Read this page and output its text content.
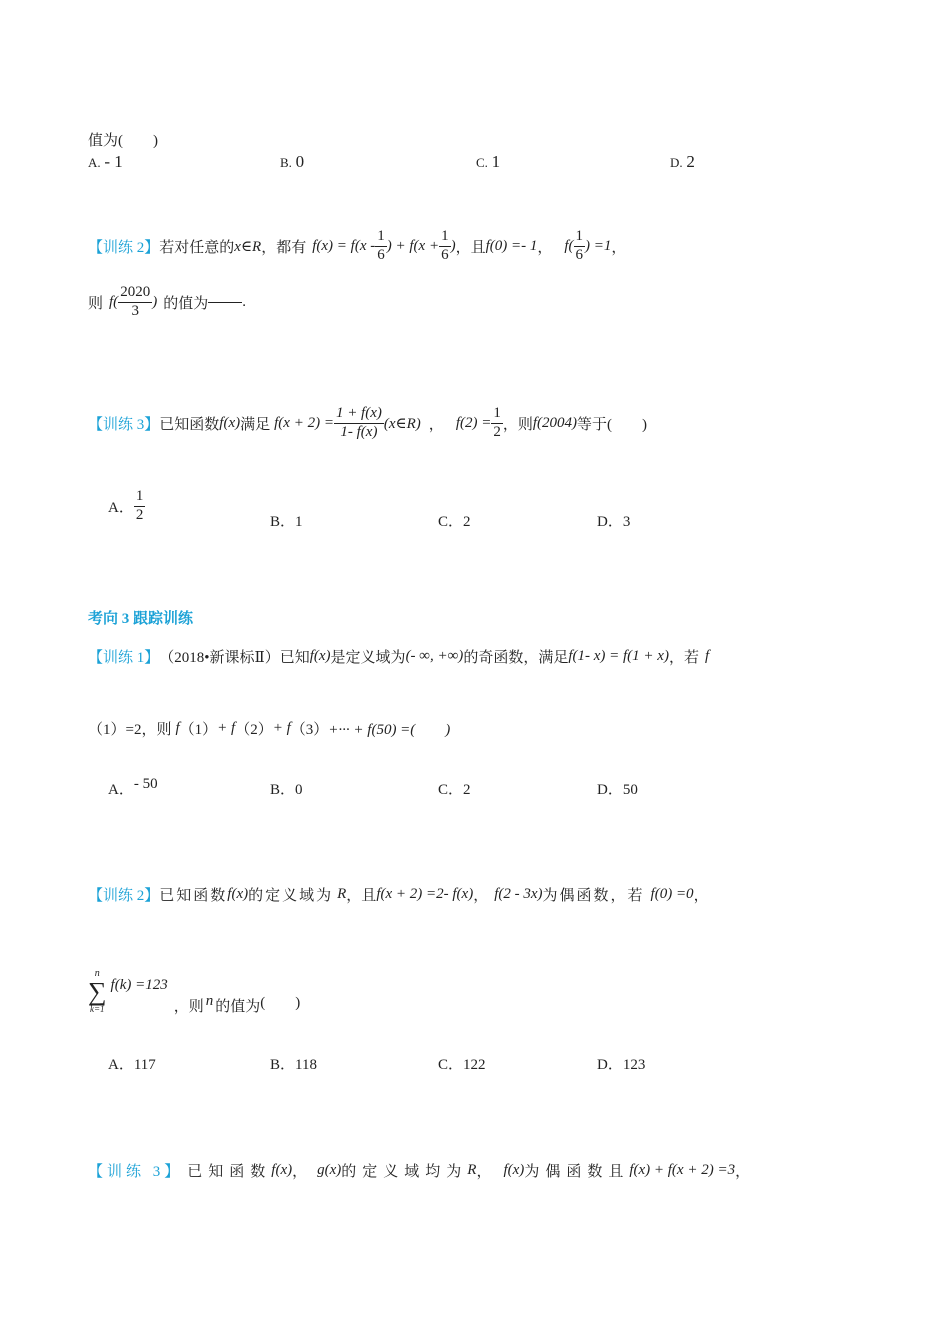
值为(　　)
A. - 1	B. 0	C. 1	D. 2
【训练 2】 若对任意的 x∈R ，都有 $f(x) = f(x - \frac{1}{6}$ ) + $f(x + \frac{1}{6}$ ) ，且 f(0) =- 1 ， $f( \frac{1}{6}$ ) =1 ，
则 $f( \frac{2020}{3}$ ) 的值为 .
【训练 3】 已知函数 f(x) 满足 $f(x + 2) = \frac{1 + f(x)}{1- f(x)}$ (x∈R) ， $f(2) = \frac{1}{2}$ ，则 f(2004) 等于 (　　)
A． $\frac{1}{2}$	B．1	C．2	D．3
考向 3 跟踪训练
【训练 1】 （2018•新课标Ⅱ）已知 f(x) 是定义域为 (- ∞, +∞) 的奇函数，满足 f(1- x) = f(1 + x) ，若 f
（1）=2，则 f （1） + f （2） + f （3） +··· + f(50) =(　　)
A．- 50	B．0	C．2	D．50
【训练 2】 已知函数 f(x) 的定义域为 R ，且 f(x + 2) =2- f(x) ， f(2 - 3x) 为偶函数，若 f(0) =0 ，
n
∑
k=1
f(k) =123
，则 n 的值为 (　　)
A．117	B．118	C．122	D．123
【训练 3】 已知函数 f(x) ， g(x) 的定义域均为 R ， f(x) 为偶函数且 f(x) + f(x + 2) =3 ，
